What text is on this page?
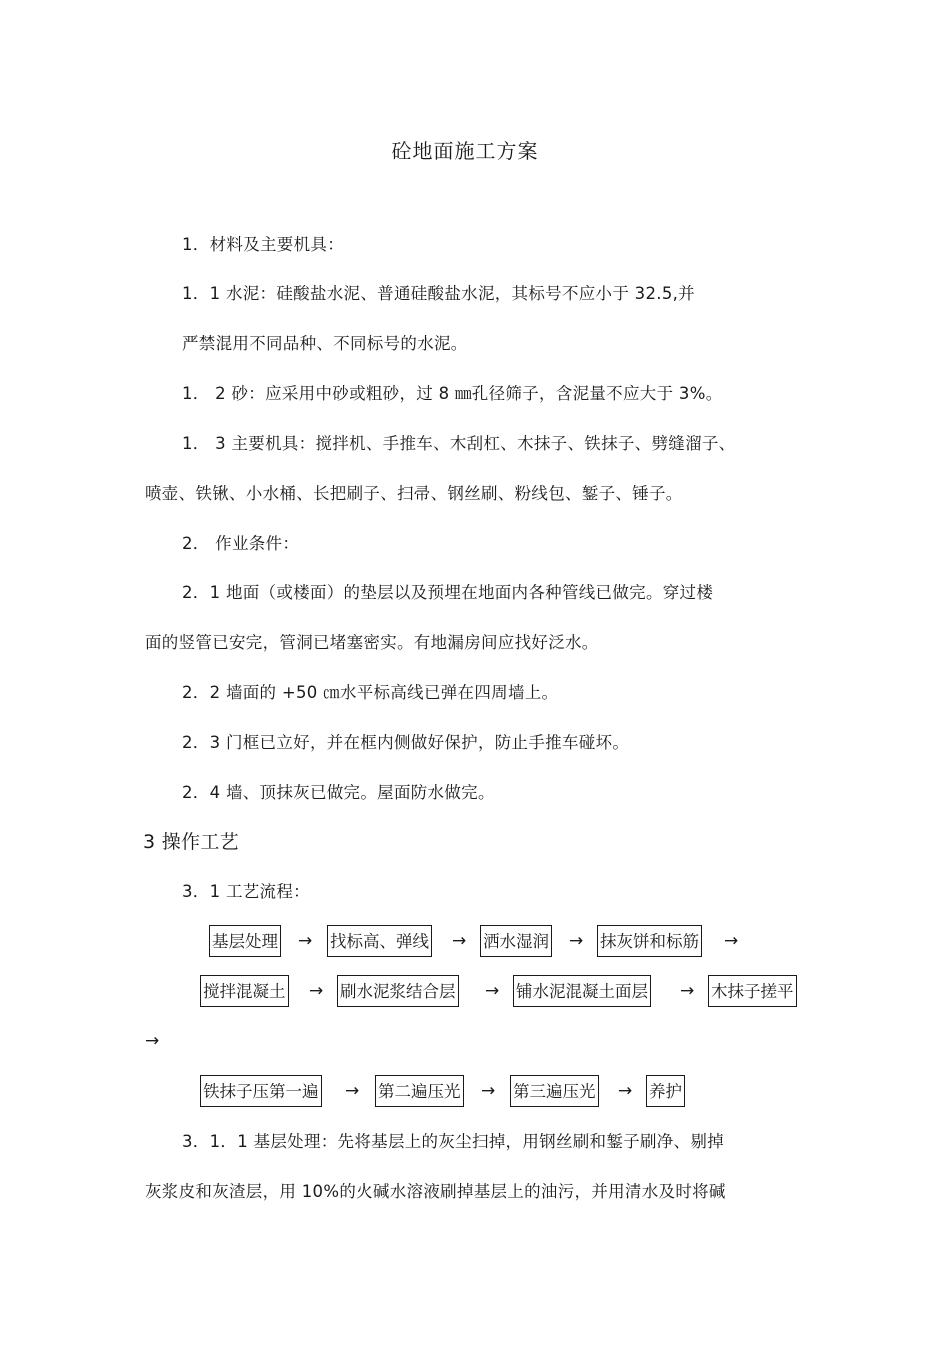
砼地面施工方案
1．材料及主要机具：
1．1 水泥：硅酸盐水泥、普通硅酸盐水泥，其标号不应小于 32.5,并
严禁混用不同品种、不同标号的水泥。
1． 2 砂：应采用中砂或粗砂，过 8 ㎜孔径筛子，含泥量不应大于 3%。
1． 3 主要机具：搅拌机、手推车、木刮杠、木抹子、铁抹子、劈缝溜子、
喷壶、铁锹、小水桶、长把刷子、扫帚、钢丝刷、粉线包、錾子、锤子。
2． 作业条件：
2．1 地面（或楼面）的垫层以及预埋在地面内各种管线已做完。穿过楼
面的竖管已安完，管洞已堵塞密实。有地漏房间应找好泛水。
2．2 墙面的 +50 ㎝水平标高线已弹在四周墙上。
2．3 门框已立好，并在框内侧做好保护，防止手推车碰坏。
2．4 墙、顶抹灰已做完。屋面防水做完。
3 操作工艺
3．1 工艺流程：
基层处理 → 找标高、弹线 → 洒水湿润 → 抹灰饼和标筋 →
搅拌混凝土 → 刷水泥浆结合层 → 铺水泥混凝土面层 → 木抹子搓平
→
铁抹子压第一遍 → 第二遍压光 → 第三遍压光 → 养护
3．1．1 基层处理：先将基层上的灰尘扫掉，用钢丝刷和錾子刷净、剔掉
灰浆皮和灰渣层，用 10%的火碱水溶液刷掉基层上的油污，并用清水及时将碱
